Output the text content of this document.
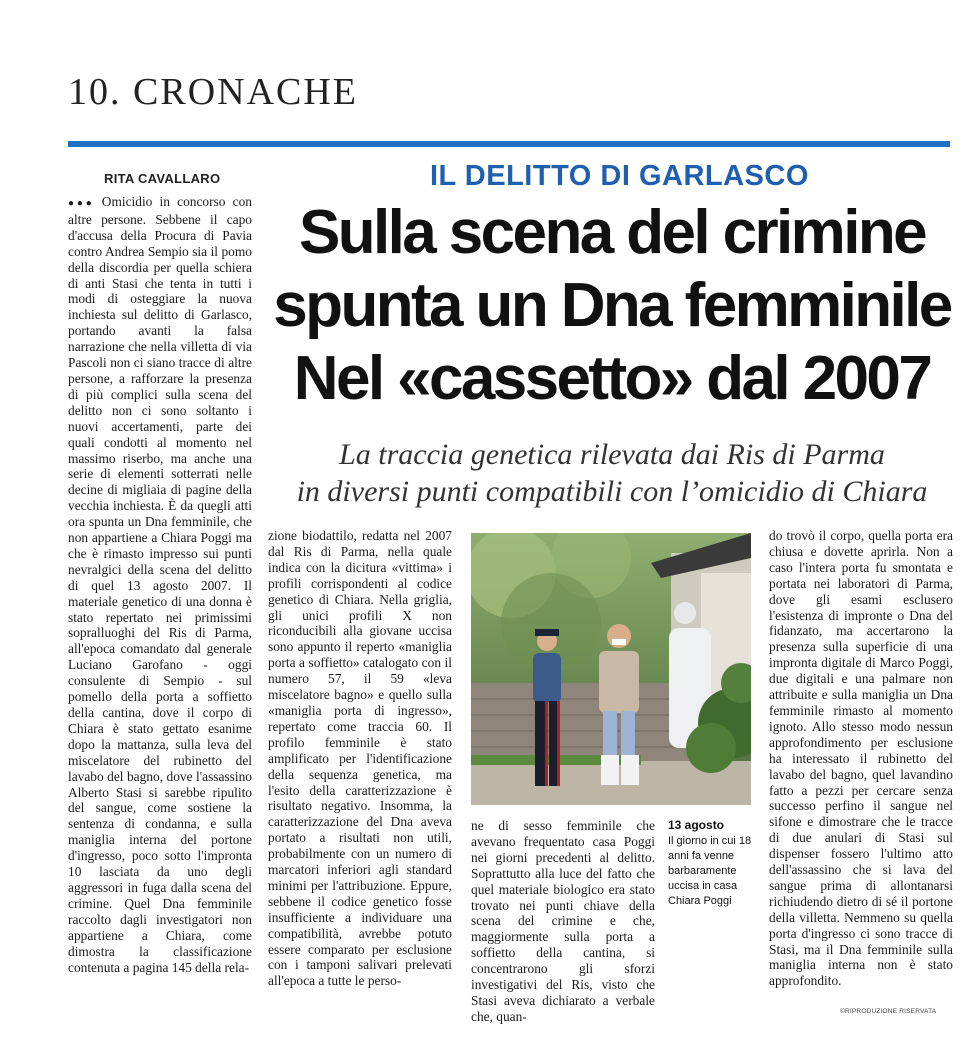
10. CRONACHE
RITA CAVALLARO	IL DELITTO DI GARLASCO
Sulla scena del crimine
spunta un Dna femminile
Nel «cassetto» dal 2007
La traccia genetica rilevata dai Ris di Parma
in diversi punti compatibili con l’omicidio di Chiara
●●● Omicidio in concorso con altre persone. Sebbene il capo d'accusa della Procura di Pavia contro Andrea Sempio sia il pomo della discordia per quella schiera di anti Stasi che tenta in tutti i modi di osteggiare la nuova inchiesta sul delitto di Garlasco, portando avanti la falsa narrazione che nella villetta di via Pascoli non ci siano tracce di altre persone, a rafforzare la presenza di più complici sulla scena del delitto non ci sono soltanto i nuovi accertamenti, parte dei quali condotti al momento nel massimo riserbo, ma anche una serie di elementi sotterrati nelle decine di migliaia di pagine della vecchia inchiesta. È da quegli atti ora spunta un Dna femminile, che non appartiene a Chiara Poggi ma che è rimasto impresso sui punti nevralgici della scena del delitto di quel 13 agosto 2007. Il materiale genetico di una donna è stato repertato nei primissimi sopralluoghi del Ris di Parma, all'epoca comandato dal generale Luciano Garofano - oggi consulente di Sempio - sul pomello della porta a soffietto della cantina, dove il corpo di Chiara è stato gettato esanime dopo la mattanza, sulla leva del miscelatore del rubinetto del lavabo del bagno, dove l'assassino Alberto Stasi si sarebbe ripulito del sangue, come sostiene la sentenza di condanna, e sulla maniglia interna del portone d'ingresso, poco sotto l'impronta 10 lasciata da uno degli aggressori in fuga dalla scena del crimine. Quel Dna femminile raccolto dagli investigatori non appartiene a Chiara, come dimostra la classificazione contenuta a pagina 145 della rela-
zione biodattilo, redatta nel 2007 dal Ris di Parma, nella quale indica con la dicitura «vittima» i profili corrispondenti al codice genetico di Chiara. Nella griglia, gli unici profili X non riconducibili alla giovane uccisa sono appunto il reperto «maniglia porta a soffietto» catalogato con il numero 57, il 59 «leva miscelatore bagno» e quello sulla «maniglia porta di ingresso», repertato come traccia 60. Il profilo femminile è stato amplificato per l'identificazione della sequenza genetica, ma l'esito della caratterizzazione è risultato negativo. Insomma, la caratterizzazione del Dna aveva portato a risultati non utili, probabilmente con un numero di marcatori inferiori agli standard minimi per l'attribuzione. Eppure, sebbene il codice genetico fosse insufficiente a individuare una compatibilità, avrebbe potuto essere comparato per esclusione con i tamponi salivari prelevati all'epoca a tutte le perso-
ne di sesso femminile che avevano frequentato casa Poggi nei giorni precedenti al delitto. Soprattutto alla luce del fatto che quel materiale biologico era stato trovato nei punti chiave della scena del crimine e che, maggiormente sulla porta a soffietto della cantina, si concentrarono gli sforzi investigativi del Ris, visto che Stasi aveva dichiarato a verbale che, quan-
do trovò il corpo, quella porta era chiusa e dovette aprirla. Non a caso l'intera porta fu smontata e portata nei laboratori di Parma, dove gli esami esclusero l'esistenza di impronte o Dna del fidanzato, ma accertarono la presenza sulla superficie di una impronta digitale di Marco Poggi, due digitali e una palmare non attribuite e sulla maniglia un Dna femminile rimasto al momento ignoto. Allo stesso modo nessun approfondimento per esclusione ha interessato il rubinetto del lavabo del bagno, quel lavandino fatto a pezzi per cercare senza successo perfino il sangue nel sifone e dimostrare che le tracce di due anulari di Stasi sul dispenser fossero l'ultimo atto dell'assassino che si lava del sangue prima di allontanarsi richiudendo dietro di sé il portone della villetta. Nemmeno su quella porta d'ingresso ci sono tracce di Stasi, ma il Dna femminile sulla maniglia interna non è stato approfondito.
13 agosto
Il giorno in cui 18 anni fa venne barbaramente uccisa in casa Chiara Poggi
©RIPRODUZIONE RISERVATA
